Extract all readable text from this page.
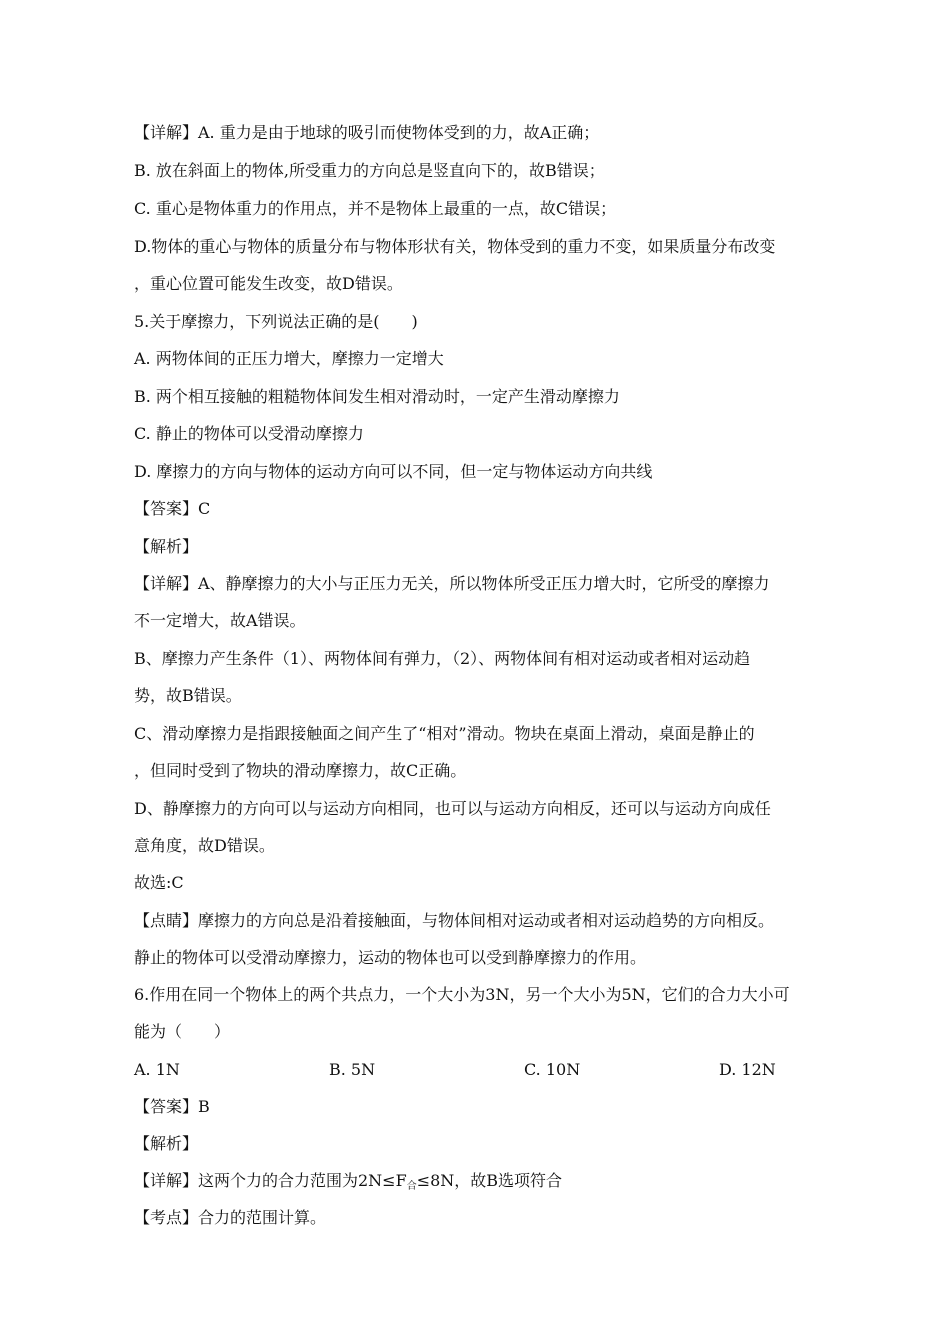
【详解】A. 重力是由于地球的吸引而使物体受到的力，故A正确；
B. 放在斜面上的物体,所受重力的方向总是竖直向下的，故B错误；
C. 重心是物体重力的作用点，并不是物体上最重的一点，故C错误；
D.物体的重心与物体的质量分布与物体形状有关，物体受到的重力不变，如果质量分布改变
，重心位置可能发生改变，故D错误。
5.关于摩擦力，下列说法正确的是(　　)
A. 两物体间的正压力增大，摩擦力一定增大
B. 两个相互接触的粗糙物体间发生相对滑动时，一定产生滑动摩擦力
C. 静止的物体可以受滑动摩擦力
D. 摩擦力的方向与物体的运动方向可以不同，但一定与物体运动方向共线
【答案】C
【解析】
【详解】A、静摩擦力的大小与正压力无关，所以物体所受正压力增大时，它所受的摩擦力
不一定增大，故A错误。
B、摩擦力产生条件（1）、两物体间有弹力，（2）、两物体间有相对运动或者相对运动趋
势，故B错误。
C、滑动摩擦力是指跟接触面之间产生了“相对”滑动。物块在桌面上滑动，桌面是静止的
，但同时受到了物块的滑动摩擦力，故C正确。
D、静摩擦力的方向可以与运动方向相同，也可以与运动方向相反，还可以与运动方向成任
意角度，故D错误。
故选:C
【点睛】摩擦力的方向总是沿着接触面，与物体间相对运动或者相对运动趋势的方向相反。
静止的物体可以受滑动摩擦力，运动的物体也可以受到静摩擦力的作用。
6.作用在同一个物体上的两个共点力，一个大小为3N，另一个大小为5N，它们的合力大小可
能为（　　）
A. 1N	B. 5N	C. 10N	D. 12N
【答案】B
【解析】
【详解】这两个力的合力范围为$2N\le F_合\le 8N$，故B选项符合
【考点】合力的范围计算。
